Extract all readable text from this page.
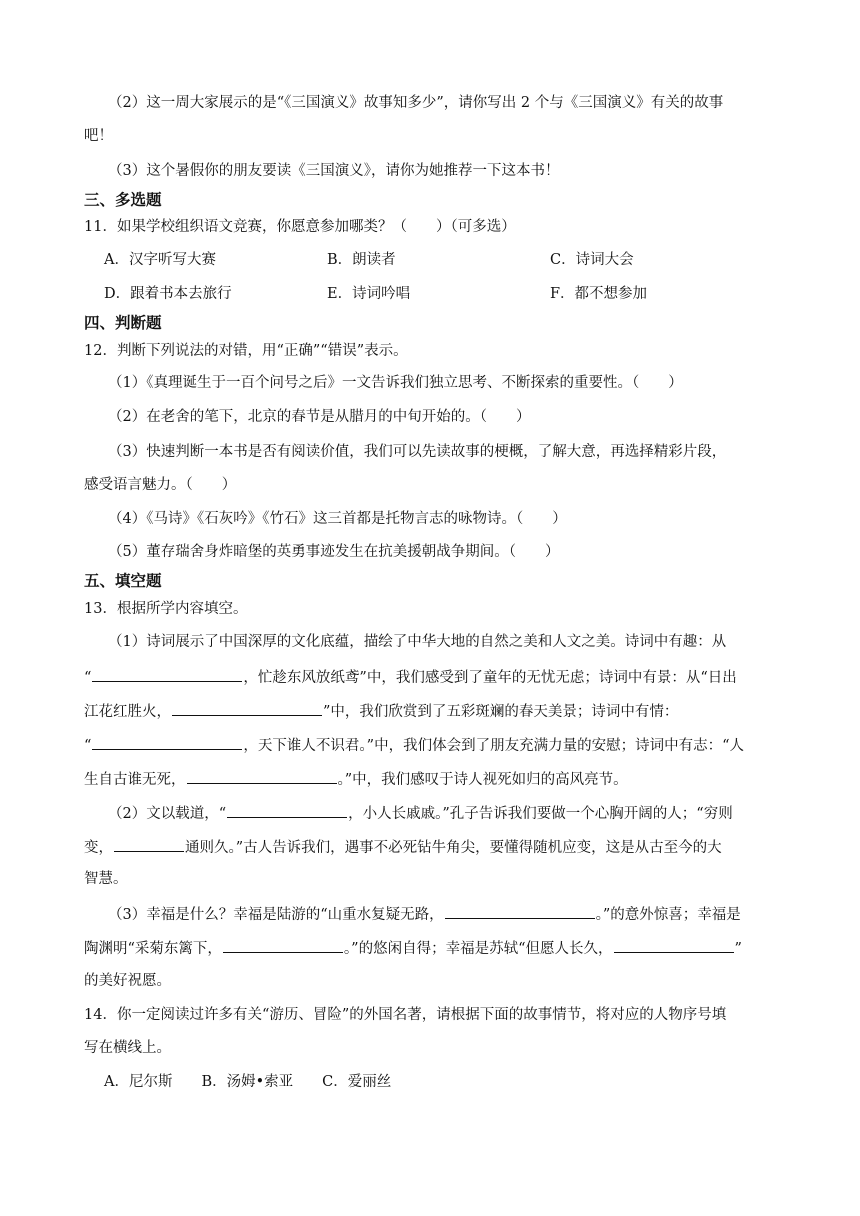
（2）这一周大家展示的是“《三国演义》故事知多少”，请你写出 2 个与《三国演义》有关的故事
吧！
（3）这个暑假你的朋友要读《三国演义》，请你为她推荐一下这本书！
三、多选题
11．如果学校组织语文竞赛，你愿意参加哪类？（　　）（可多选）
A．汉字听写大赛	B．朗读者	C．诗词大会
D．跟着书本去旅行	E．诗词吟唱	F．都不想参加
四、判断题
12．判断下列说法的对错，用“正确”“错误”表示。
（1）《真理诞生于一百个问号之后》一文告诉我们独立思考、不断探索的重要性。（　　）
（2）在老舍的笔下，北京的春节是从腊月的中旬开始的。（　　）
（3）快速判断一本书是否有阅读价值，我们可以先读故事的梗概，了解大意，再选择精彩片段，
感受语言魅力。（　　）
（4）《马诗》《石灰吟》《竹石》这三首都是托物言志的咏物诗。（　　）
（5）董存瑞舍身炸暗堡的英勇事迹发生在抗美援朝战争期间。（　　）
五、填空题
13．根据所学内容填空。
（1）诗词展示了中国深厚的文化底蕴，描绘了中华大地的自然之美和人文之美。诗词中有趣：从
“	，忙趁东风放纸鸢”中，我们感受到了童年的无忧无虑；诗词中有景：从“日出
江花红胜火，	”中，我们欣赏到了五彩斑斓的春天美景；诗词中有情：
“	，天下谁人不识君。”中，我们体会到了朋友充满力量的安慰；诗词中有志：“人
生自古谁无死，	。”中，我们感叹于诗人视死如归的高风亮节。
（2）文以载道，“	，小人长戚戚。”孔子告诉我们要做一个心胸开阔的人；“穷则
变，	通则久。”古人告诉我们，遇事不必死钻牛角尖，要懂得随机应变，这是从古至今的大
智慧。
（3）幸福是什么？幸福是陆游的“山重水复疑无路，	。”的意外惊喜；幸福是
陶渊明“采菊东篱下，	。”的悠闲自得；幸福是苏轼“但愿人长久，	”
的美好祝愿。
14．你一定阅读过许多有关“游历、冒险”的外国名著，请根据下面的故事情节，将对应的人物序号填
写在横线上。
A．尼尔斯　　B．汤姆•索亚　　C．爱丽丝
